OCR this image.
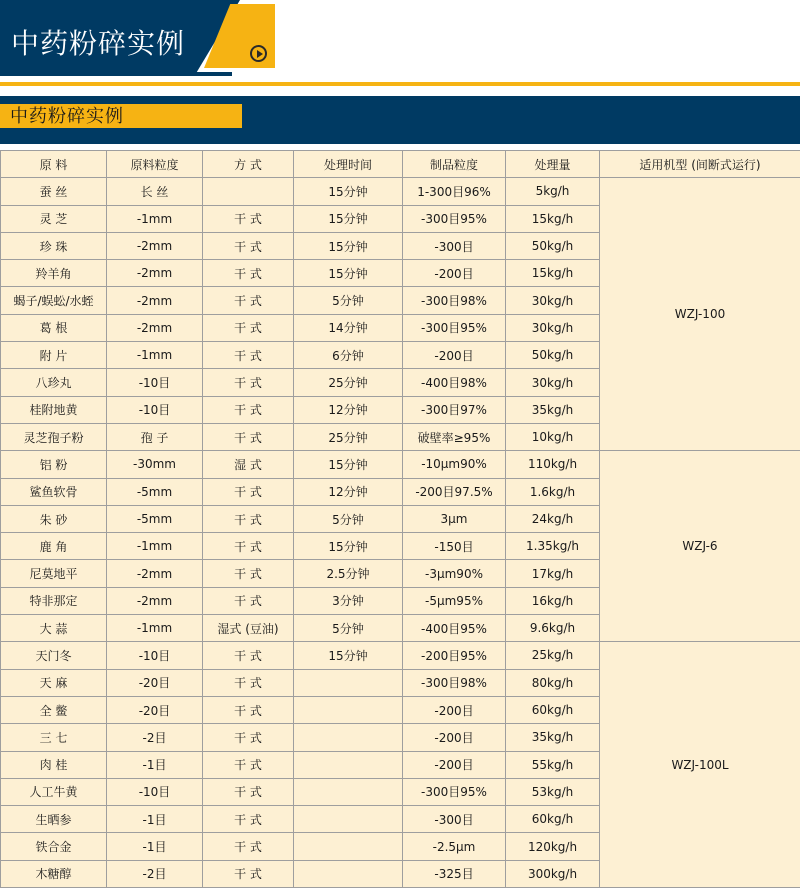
中药粉碎实例
中药粉碎实例
原 料	原料粒度	方 式	处理时间	制品粒度	处理量	适用机型 (间断式运行)
蚕 丝	长 丝		15分钟	1-300目96%	5kg/h	WZJ-100
灵 芝	-1mm	干 式	15分钟	-300目95%	15kg/h	
珍 珠	-2mm	干 式	15分钟	-300目	50kg/h	
羚羊角	-2mm	干 式	15分钟	-200目	15kg/h	
蝎子/蜈蚣/水蛭	-2mm	干 式	5分钟	-300目98%	30kg/h	
葛 根	-2mm	干 式	14分钟	-300目95%	30kg/h	
附 片	-1mm	干 式	6分钟	-200目	50kg/h	
八珍丸	-10目	干 式	25分钟	-400目98%	30kg/h	
桂附地黄	-10目	干 式	12分钟	-300目97%	35kg/h	
灵芝孢子粉	孢 子	干 式	25分钟	破壁率≥95%	10kg/h	
铝 粉	-30mm	湿 式	15分钟	-10μm90%	110kg/h	WZJ-6
鲨鱼软骨	-5mm	干 式	12分钟	-200目97.5%	1.6kg/h	
朱 砂	-5mm	干 式	5分钟	3μm	24kg/h	
鹿 角	-1mm	干 式	15分钟	-150目	1.35kg/h	
尼莫地平	-2mm	干 式	2.5分钟	-3μm90%	17kg/h	
特非那定	-2mm	干 式	3分钟	-5μm95%	16kg/h	
大 蒜	-1mm	湿式 (豆油)	5分钟	-400目95%	9.6kg/h	
天门冬	-10目	干 式	15分钟	-200目95%	25kg/h	WZJ-100L
天 麻	-20目	干 式		-300目98%	80kg/h	
全 鳖	-20目	干 式		-200目	60kg/h	
三 七	-2目	干 式		-200目	35kg/h	
肉 桂	-1目	干 式		-200目	55kg/h	
人工牛黄	-10目	干 式		-300目95%	53kg/h	
生晒参	-1目	干 式		-300目	60kg/h	
铁合金	-1目	干 式		-2.5μm	120kg/h	
木糖醇	-2目	干 式		-325目	300kg/h	
